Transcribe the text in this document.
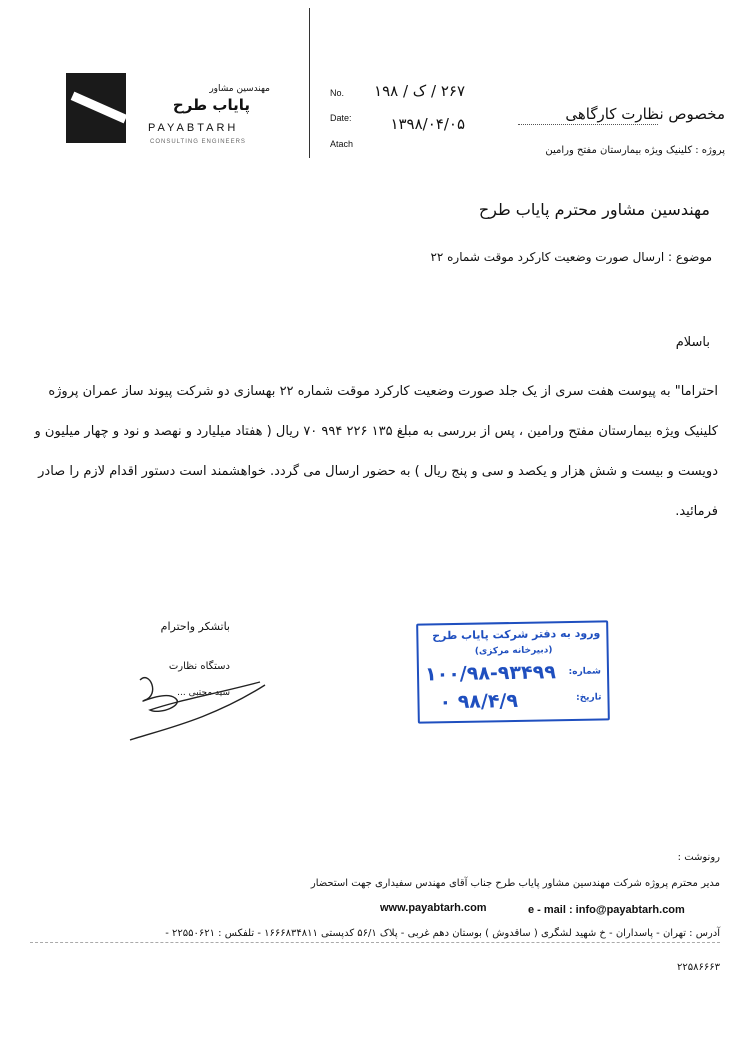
مهندسین مشاور
پایاب طرح
PAYABTARH
CONSULTING ENGINEERS
No.	۲۶۷ / ک / ۱۹۸
Date:	۱۳۹۸/۰۴/۰۵
Atach
مخصوص نظارت کارگاهی
پروژه : کلینیک ویژه بیمارستان مفتح ورامین
مهندسین مشاور محترم پایاب طرح
موضوع : ارسال صورت وضعیت کارکرد موقت شماره ۲۲
باسلام
احتراما" به پیوست هفت سری از یک جلد صورت وضعیت کارکرد موقت شماره ۲۲ بهسازی دو شرکت پیوند ساز عمران پروژه کلینیک ویژه بیمارستان مفتح ورامین ، پس از بررسی به مبلغ ۱۳۵ ۲۲۶ ۹۹۴ ۷۰ ریال ( هفتاد میلیارد و نهصد و نود و چهار میلیون و دویست و بیست و شش هزار و یکصد و سی و پنج ریال ) به حضور ارسال می گردد. خواهشمند است دستور اقدام لازم را صادر فرمائید.
باتشکر واحترام
دستگاه نظارت
سید مجتبی ...
ورود به دفتر شرکت پایاب طرح
(دبیرخانه مرکزی)
شماره:
۱۰۰/۹۸-۹۳۴۹۹
تاریخ:
۰ ۹۸/۴/۹
رونوشت :
مدیر محترم پروژه شرکت مهندسین مشاور پایاب طرح جناب آقای مهندس سفیداری جهت استحضار
www.payabtarh.com	e - mail : info@payabtarh.com
آدرس : تهران - پاسداران - خ شهید لشگری ( ساقدوش ) بوستان دهم غربی - پلاک ۵۶/۱ کدپستی ۱۶۶۶۸۳۴۸۱۱ - تلفکس : ۲۲۵۵۰۶۲۱ -
۲۲۵۸۶۶۶۳
